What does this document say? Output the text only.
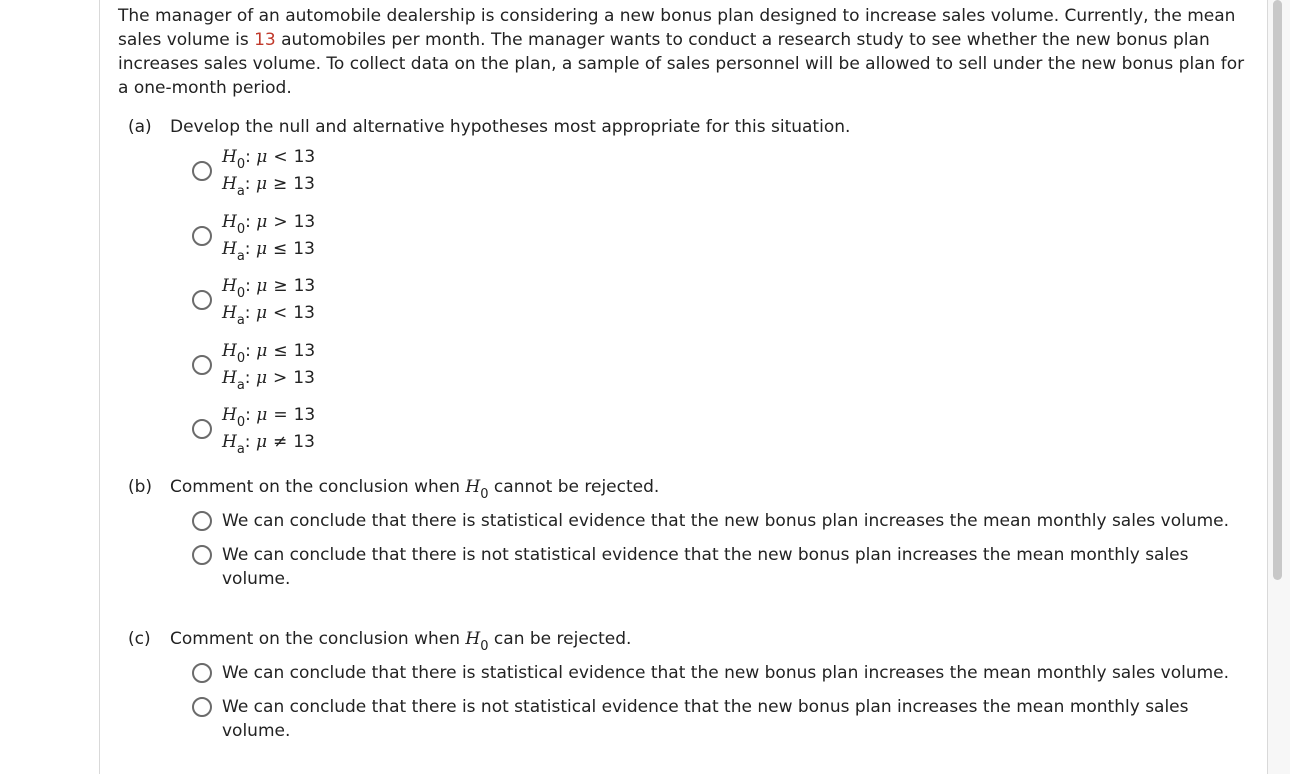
The manager of an automobile dealership is considering a new bonus plan designed to increase sales volume. Currently, the mean sales volume is 13 automobiles per month. The manager wants to conduct a research study to see whether the new bonus plan increases sales volume. To collect data on the plan, a sample of sales personnel will be allowed to sell under the new bonus plan for a one-month period.

(a)	Develop the null and alternative hypotheses most appropriate for this situation.
$H_0$: μ < 13
$H_a$: μ ≥ 13
$H_0$: μ > 13
$H_a$: μ ≤ 13
$H_0$: μ ≥ 13
$H_a$: μ < 13
$H_0$: μ ≤ 13
$H_a$: μ > 13
$H_0$: μ = 13
$H_a$: μ ≠ 13
(b)	Comment on the conclusion when $H_0$ cannot be rejected.
We can conclude that there is statistical evidence that the new bonus plan increases the mean monthly sales volume.
We can conclude that there is not statistical evidence that the new bonus plan increases the mean monthly sales volume.
(c)	Comment on the conclusion when $H_0$ can be rejected.
We can conclude that there is statistical evidence that the new bonus plan increases the mean monthly sales volume.
We can conclude that there is not statistical evidence that the new bonus plan increases the mean monthly sales volume.
